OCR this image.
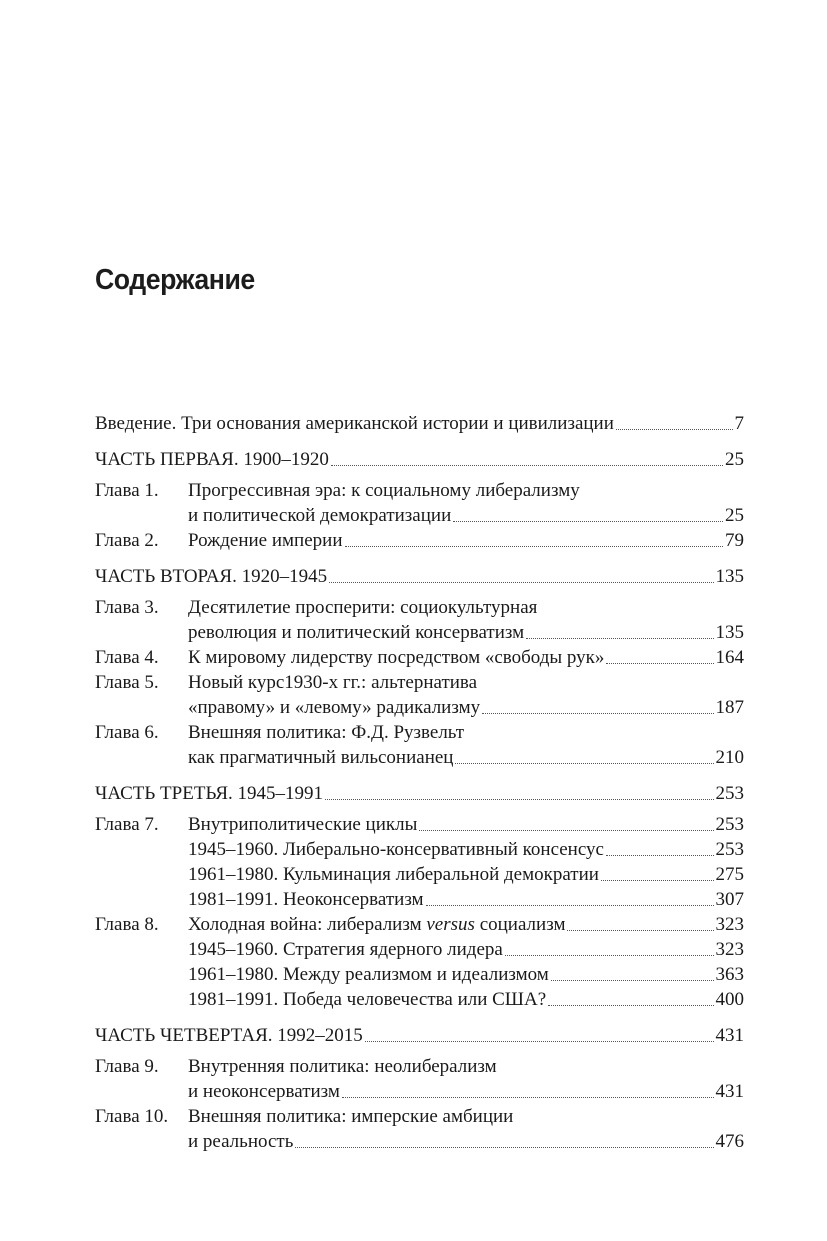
Содержание
Введение. Три основания американской истории и цивилизации	7
ЧАСТЬ ПЕРВАЯ. 1900–1920	25
Глава 1.	Прогрессивная эра: к социальному либерализму
и политической демократизации	25
Глава 2.	Рождение империи	79
ЧАСТЬ ВТОРАЯ. 1920–1945	135
Глава 3.	Десятилетие просперити: социокультурная
революция и политический консерватизм	135
Глава 4.	К мировому лидерству посредством «свободы рук»	164
Глава 5.	Новый курс1930-х гг.: альтернатива
«правому» и «левому» радикализму	187
Глава 6.	Внешняя политика: Ф.Д. Рузвельт
как прагматичный вильсонианец	210
ЧАСТЬ ТРЕТЬЯ. 1945–1991	253
Глава 7.	Внутриполитические циклы	253
1945–1960. Либерально-консервативный консенсус	253
1961–1980. Кульминация либеральной демократии	275
1981–1991. Неоконсерватизм	307
Глава 8.	Холодная война: либерализм versus социализм	323
1945–1960. Стратегия ядерного лидера	323
1961–1980. Между реализмом и идеализмом	363
1981–1991. Победа человечества или США?	400
ЧАСТЬ ЧЕТВЕРТАЯ. 1992–2015	431
Глава 9.	Внутренняя политика: неолиберализм
и неоконсерватизм	431
Глава 10.	Внешняя политика: имперские амбиции
и реальность	476
